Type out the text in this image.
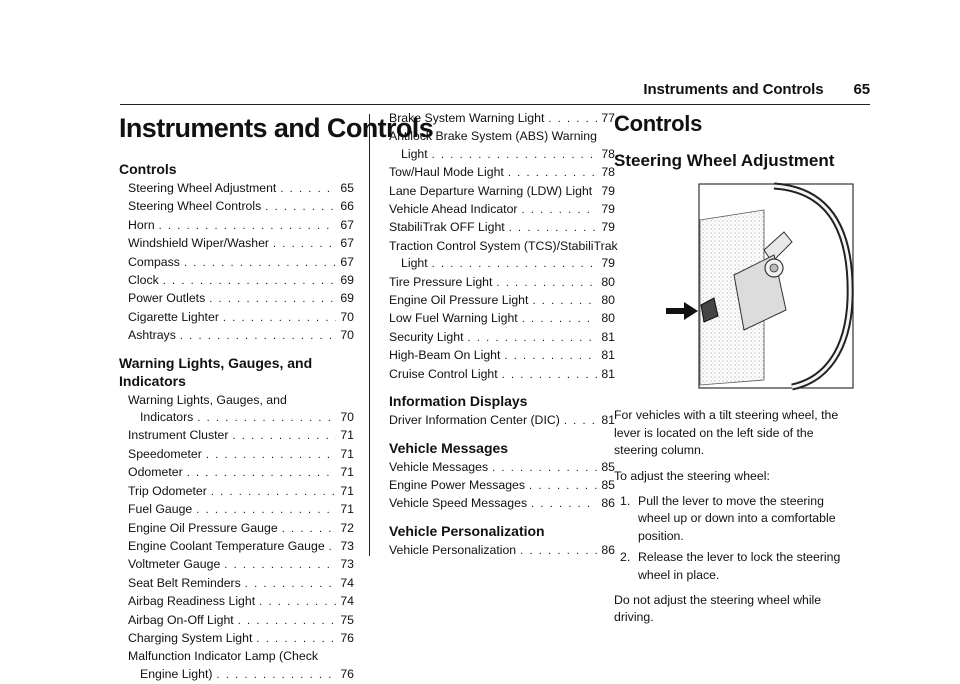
Instruments and Controls 65
Instruments and Controls
Controls
Steering Wheel Adjustment . . .	65
Steering Wheel Controls . . .	66
Horn . . .	67
Windshield Wiper/Washer . . .	67
Compass . . .	67
Clock . . .	69
Power Outlets . . .	69
Cigarette Lighter . . .	70
Ashtrays . . .	70
Warning Lights, Gauges, and Indicators
Warning Lights, Gauges, and
Indicators . . .	70
Instrument Cluster . . .	71
Speedometer . . .	71
Odometer . . .	71
Trip Odometer . . .	71
Fuel Gauge . . .	71
Engine Oil Pressure Gauge . . .	72
Engine Coolant Temperature Gauge . . . 73
Voltmeter Gauge . . .	73
Seat Belt Reminders . . .	74
Airbag Readiness Light . . .	74
Airbag On-Off Light . . .	75
Charging System Light . . .	76
Malfunction Indicator Lamp (Check
Engine Light) . . .	76
Brake System Warning Light . . .	77
Antilock Brake System (ABS) Warning
Light . . .	78
Tow/Haul Mode Light . . .	78
Lane Departure Warning (LDW) Light . . . 79
Vehicle Ahead Indicator . . .	79
StabiliTrak OFF Light . . .	79
Traction Control System (TCS)/StabiliTrak
Light . . .	79
Tire Pressure Light . . .	80
Engine Oil Pressure Light . . .	80
Low Fuel Warning Light . . .	80
Security Light . . .	81
High-Beam On Light . . .	81
Cruise Control Light . . .	81
Information Displays
Driver Information Center (DIC) . . .	81
Vehicle Messages
Vehicle Messages . . .	85
Engine Power Messages . . .	85
Vehicle Speed Messages . . .	86
Vehicle Personalization
Vehicle Personalization . . .	86
Controls
Steering Wheel Adjustment

For vehicles with a tilt steering wheel, the lever is located on the left side of the steering column.

To adjust the steering wheel:

1. Pull the lever to move the steering wheel up or down into a comfortable position.
2. Release the lever to lock the steering wheel in place.

Do not adjust the steering wheel while driving.
